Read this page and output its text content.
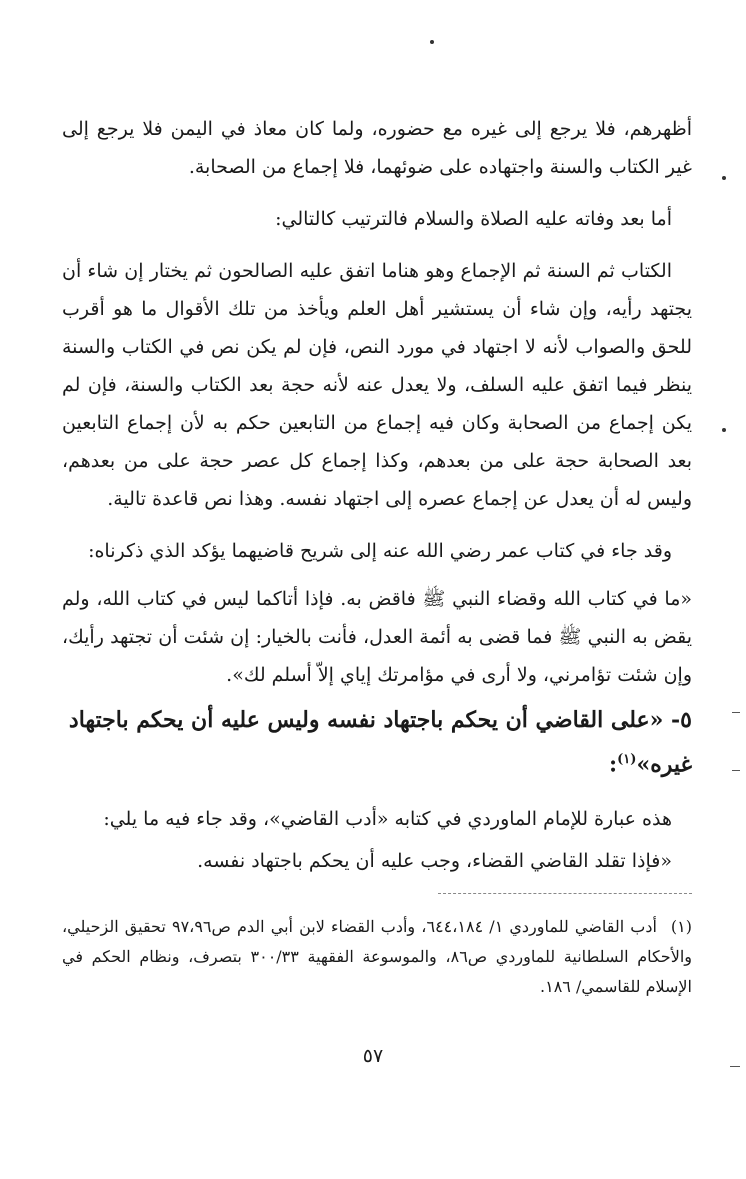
أظهرهم، فلا يرجع إلى غيره مع حضوره، ولما كان معاذ في اليمن فلا يرجع إلى غير الكتاب والسنة واجتهاده على ضوئهما، فلا إجماع من الصحابة.

أما بعد وفاته عليه الصلاة والسلام فالترتيب كالتالي:

الكتاب ثم السنة ثم الإجماع وهو هناما اتفق عليه الصالحون ثم يختار إن شاء أن يجتهد رأيه، وإن شاء أن يستشير أهل العلم ويأخذ من تلك الأقوال ما هو أقرب للحق والصواب لأنه لا اجتهاد في مورد النص، فإن لم يكن نص في الكتاب والسنة ينظر فيما اتفق عليه السلف، ولا يعدل عنه لأنه حجة بعد الكتاب والسنة، فإن لم يكن إجماع من الصحابة وكان فيه إجماع من التابعين حكم به لأن إجماع التابعين بعد الصحابة حجة على من بعدهم، وكذا إجماع كل عصر حجة على من بعدهم، وليس له أن يعدل عن إجماع عصره إلى اجتهاد نفسه. وهذا نص قاعدة تالية.

وقد جاء في كتاب عمر رضي الله عنه إلى شريح قاضيهما يؤكد الذي ذكرناه:

«ما في كتاب الله وقضاء النبي ﷺ فاقض به. فإذا أتاكما ليس في كتاب الله، ولم يقض به النبي ﷺ فما قضى به أئمة العدل، فأنت بالخيار: إن شئت أن تجتهد رأيك، وإن شئت تؤامرني، ولا أرى في مؤامرتك إياي إلاّ أسلم لك».

٥- «على القاضي أن يحكم باجتهاد نفسه وليس عليه أن يحكم باجتهاد غيره»$^{(١)}$:

هذه عبارة للإمام الماوردي في كتابه «أدب القاضي»، وقد جاء فيه ما يلي:

«فإذا تقلد القاضي القضاء، وجب عليه أن يحكم باجتهاد نفسه.

(١)أدب القاضي للماوردي ١/ ٦٤٤،١٨٤، وأدب القضاء لابن أبي الدم ص٩٧،٩٦ تحقيق الزحيلي، والأحكام السلطانية للماوردي ص٨٦، والموسوعة الفقهية ٣٠٠/٣٣ بتصرف، ونظام الحكم في الإسلام للقاسمي/ ١٨٦.
٥٧
